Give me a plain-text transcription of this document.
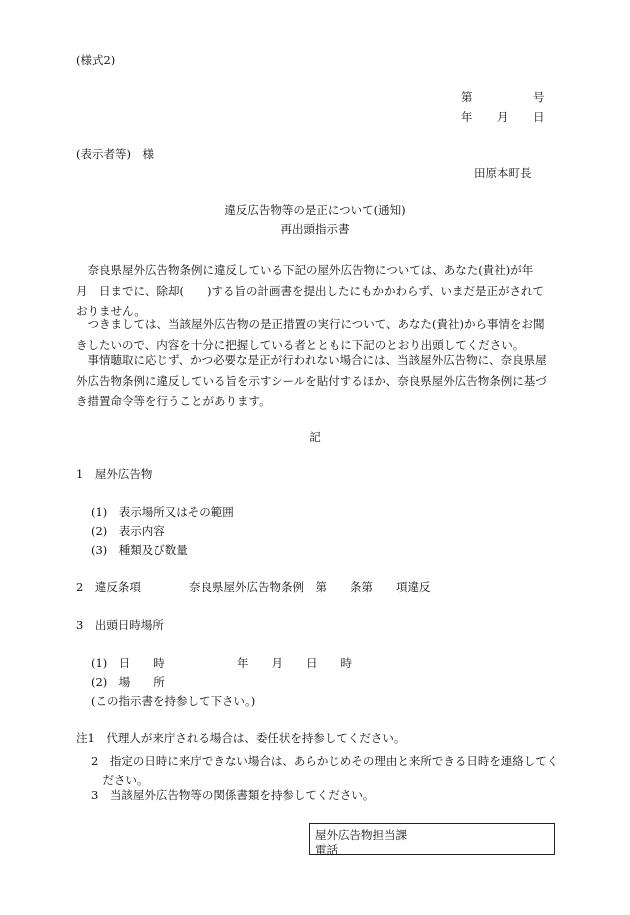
(様式2)
第	号
年 月 日
(表示者等)　様
田原本町長
違反広告物等の是正について(通知)
再出頭指示書
奈良県屋外広告物条例に違反している下記の屋外広告物については、あなた(貴社)が年　月　日までに、除却(　　)する旨の計画書を提出したにもかかわらず、いまだ是正がされておりません。
つきましては、当該屋外広告物の是正措置の実行について、あなた(貴社)から事情をお聞きしたいので、内容を十分に把握している者とともに下記のとおり出頭してください。
事情聴取に応じず、かつ必要な是正が行われない場合には、当該屋外広告物に、奈良県屋外広告物条例に違反している旨を示すシールを貼付するほか、奈良県屋外広告物条例に基づき措置命令等を行うことがあります。
記
1　屋外広告物
(1)　表示場所又はその範囲
(2)　表示内容
(3)　種類及び数量
2　違反条項	奈良県屋外広告物条例　第　　条第　　項違反
3　出頭日時場所
(1)　日　　時	年　　月　　日　　時
(2)　場　　所
(この指示書を持参して下さい。)
注1　代理人が来庁される場合は、委任状を持参してください。
2　指定の日時に来庁できない場合は、あらかじめその理由と来所できる日時を連絡してください。
3　当該屋外広告物等の関係書類を持参してください。
屋外広告物担当課
電話
